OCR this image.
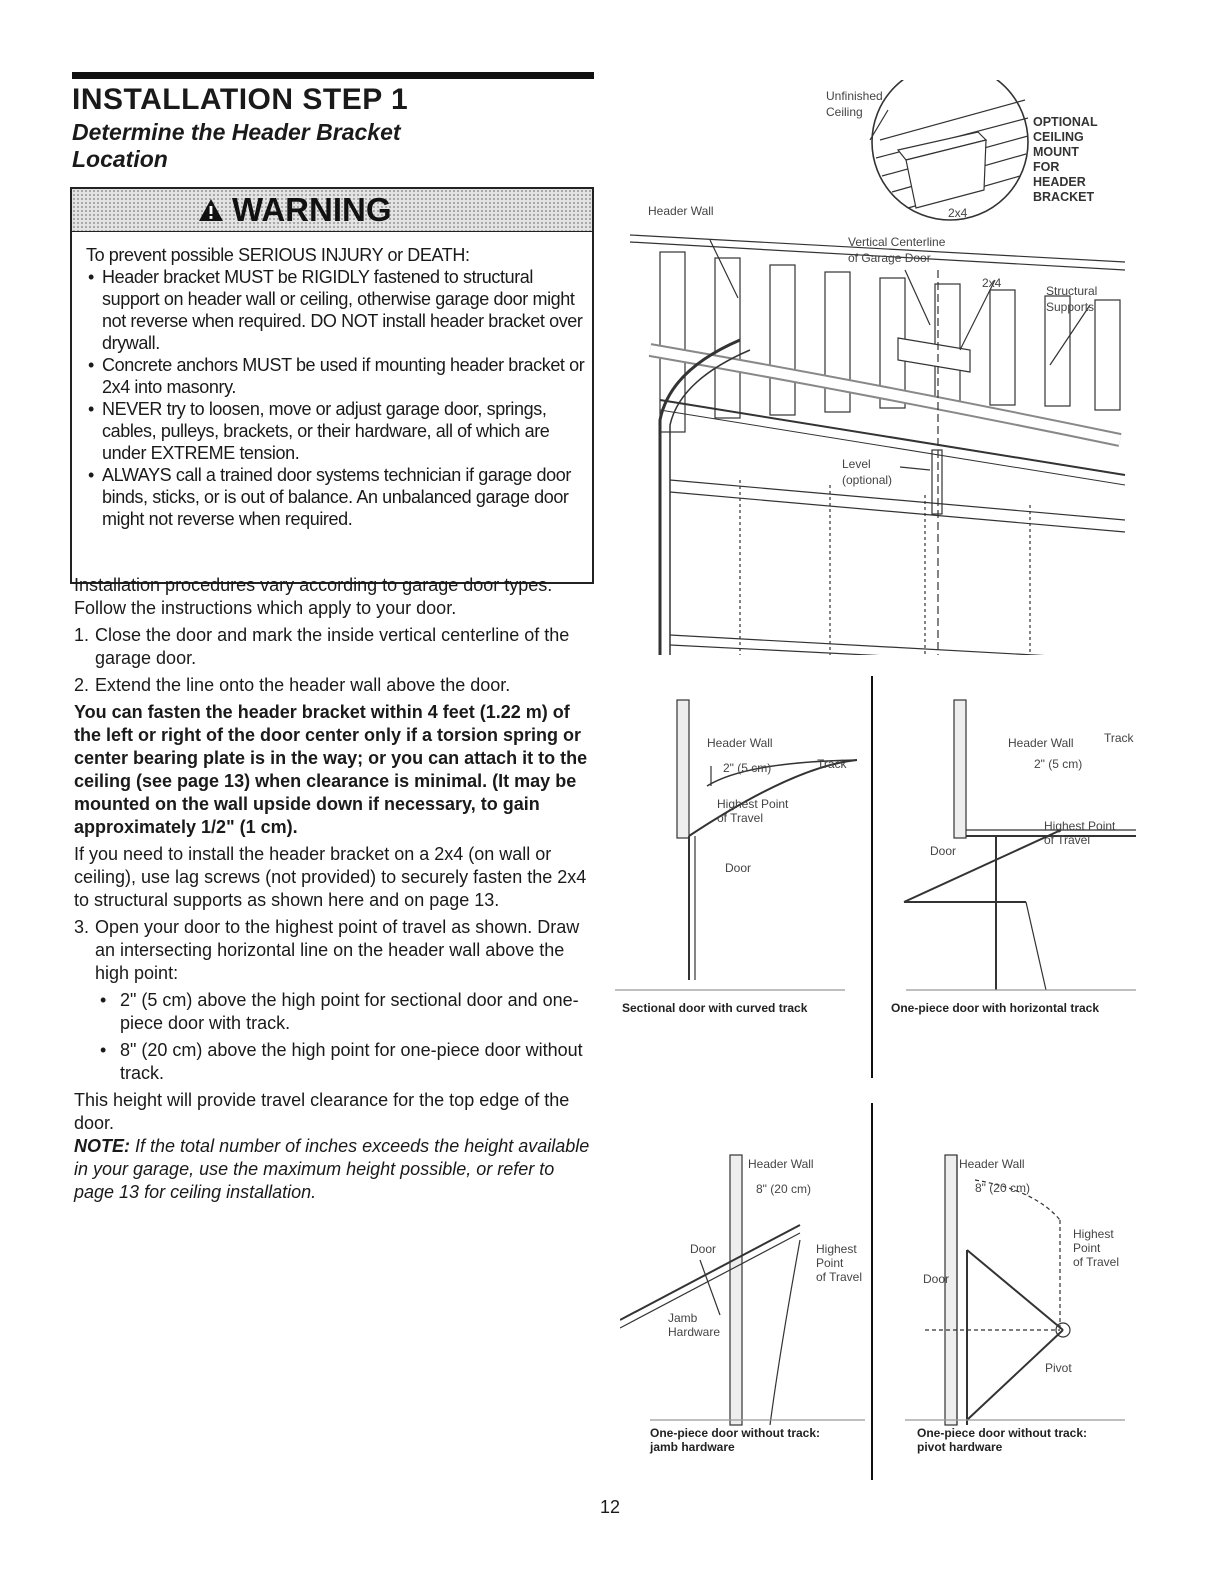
INSTALLATION STEP 1
Determine the Header Bracket
Location
WARNING
To prevent possible SERIOUS INJURY or DEATH:
• Header bracket MUST be RIGIDLY fastened to structural support on header wall or ceiling, otherwise garage door might not reverse when required. DO NOT install header bracket over drywall.
• Concrete anchors MUST be used if mounting header bracket or 2x4 into masonry.
• NEVER try to loosen, move or adjust garage door, springs, cables, pulleys, brackets, or their hardware, all of which are under EXTREME tension.
• ALWAYS call a trained door systems technician if garage door binds, sticks, or is out of balance. An unbalanced garage door might not reverse when required.

Installation procedures vary according to garage door types. Follow the instructions which apply to your door.

1. Close the door and mark the inside vertical centerline of the garage door.
2. Extend the line onto the header wall above the door.

You can fasten the header bracket within 4 feet (1.22 m) of the left or right of the door center only if a torsion spring or center bearing plate is in the way; or you can attach it to the ceiling (see page 13) when clearance is minimal. (It may be mounted on the wall upside down if necessary, to gain approximately 1/2" (1 cm).

If you need to install the header bracket on a 2x4 (on wall or ceiling), use lag screws (not provided) to securely fasten the 2x4 to structural supports as shown here and on page 13.

3. Open your door to the highest point of travel as shown. Draw an intersecting horizontal line on the header wall above the high point:
• 2" (5 cm) above the high point for sectional door and one-piece door with track.
• 8" (20 cm) above the high point for one-piece door without track.

This height will provide travel clearance for the top edge of the door.

NOTE: If the total number of inches exceeds the height available in your garage, use the maximum height possible, or refer to page 13 for ceiling installation.

Unfinished
Ceiling
OPTIONAL
CEILING
MOUNT
FOR
HEADER
BRACKET
Header Wall	2x4
Vertical Centerline
of Garage Door
2x4
Structural
Supports
Level
(optional)
Header Wall
2" (5 cm)	Track
Highest Point
of Travel
Door
Sectional door with curved track
Header Wall	Track
2" (5 cm)
Highest Point
of Travel
Door
One-piece door with horizontal track
Header Wall
8" (20 cm)
Door	Highest
Point
of Travel
Jamb
Hardware
One-piece door without track:
jamb hardware
Header Wall
8" (20 cm)
Highest
Point
of Travel
Door
Pivot
One-piece door without track:
pivot hardware
12
